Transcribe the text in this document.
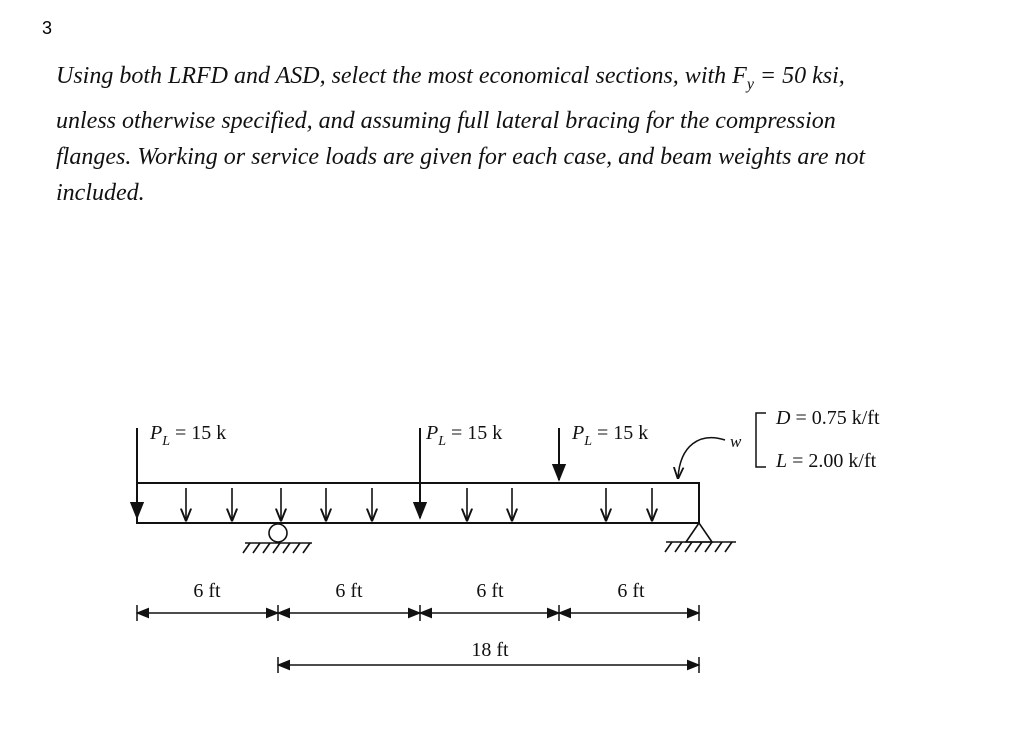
3
Using both LRFD and ASD, select the most economical sections, with $F_y = 50$ ksi,
unless otherwise specified, and assuming full lateral bracing for the compression
flanges. Working or service loads are given for each case, and beam weights are not
included.
$P_L = 15$ k	$P_L = 15$ k	$P_L = 15$ k	w
D = 0.75 k/ft
L = 2.00 k/ft
6 ft	6 ft	6 ft	6 ft
18 ft
